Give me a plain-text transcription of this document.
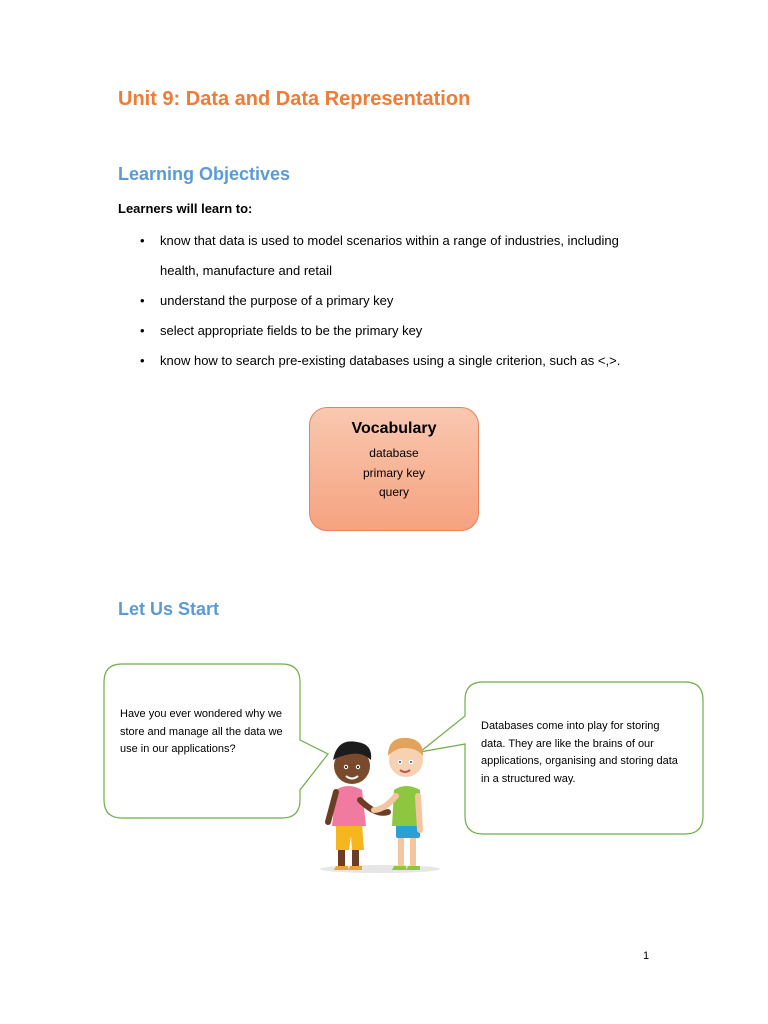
Unit 9: Data and Data Representation
Learning Objectives

Learners will learn to:

• know that data is used to model scenarios within a range of industries, including health, manufacture and retail
• understand the purpose of a primary key
• select appropriate fields to be the primary key
• know how to search pre-existing databases using a single criterion, such as <,>.

Vocabulary

database
primary key
query
Let Us Start

Have you ever wondered why we store and manage all the data we use in our applications?

Databases come into play for storing data. They are like the brains of our applications, organising and storing data in a structured way.

1
